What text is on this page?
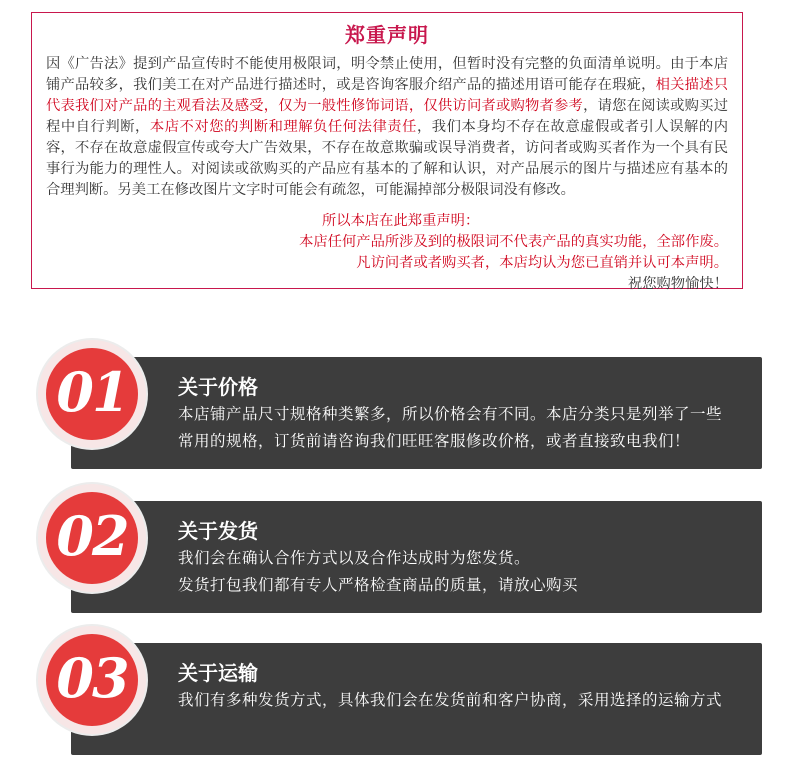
郑重声明
因《广告法》提到产品宣传时不能使用极限词，明令禁止使用，但暂时没有完整的负面清单说明。由于本店铺产品较多，我们美工在对产品进行描述时，或是咨询客服介绍产品的描述用语可能存在瑕疵，相关描述只代表我们对产品的主观看法及感受，仅为一般性修饰词语，仅供访问者或购物者参考，请您在阅读或购买过程中自行判断，本店不对您的判断和理解负任何法律责任，我们本身均不存在故意虚假或者引人误解的内容，不存在故意虚假宣传或夸大广告效果，不存在故意欺骗或误导消费者，访问者或购买者作为一个具有民事行为能力的理性人。对阅读或欲购买的产品应有基本的了解和认识，对产品展示的图片与描述应有基本的合理判断。另美工在修改图片文字时可能会有疏忽，可能漏掉部分极限词没有修改。
所以本店在此郑重声明：
本店任何产品所涉及到的极限词不代表产品的真实功能，全部作废。
凡访问者或者购买者，本店均认为您已直销并认可本声明。
祝您购物愉快！
关于价格
本店铺产品尺寸规格种类繁多，所以价格会有不同。本店分类只是列举了一些
常用的规格，订货前请咨询我们旺旺客服修改价格，或者直接致电我们！
01
关于发货
我们会在确认合作方式以及合作达成时为您发货。
发货打包我们都有专人严格检查商品的质量，请放心购买
02
关于运输
我们有多种发货方式，具体我们会在发货前和客户协商，采用选择的运输方式
03
